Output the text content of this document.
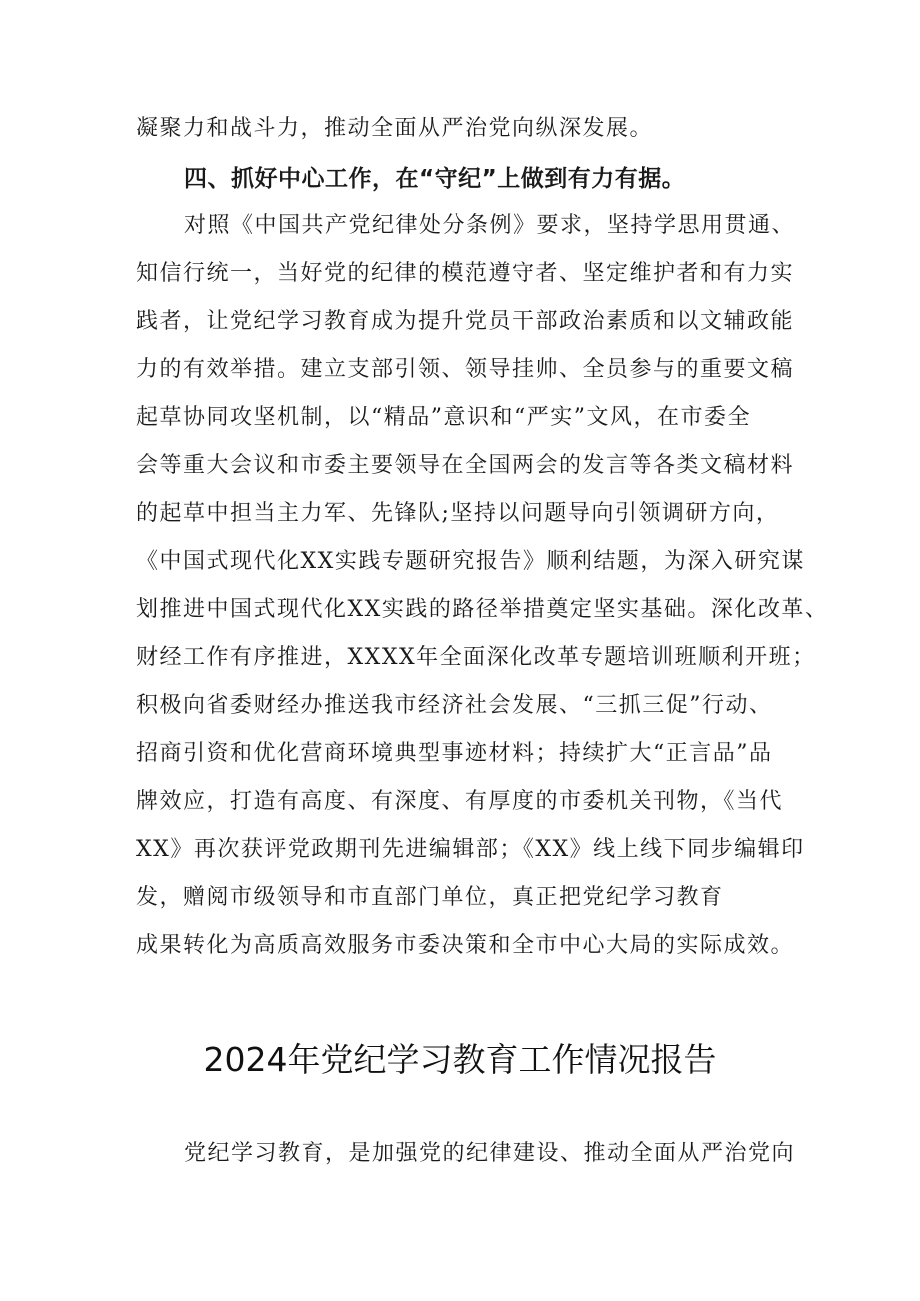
凝聚力和战斗力，推动全面从严治党向纵深发展。
四、抓好中心工作，在“守纪”上做到有力有据。
对照《中国共产党纪律处分条例》要求，坚持学思用贯通、
知信行统一，当好党的纪律的模范遵守者、坚定维护者和有力实
践者，让党纪学习教育成为提升党员干部政治素质和以文辅政能
力的有效举措。建立支部引领、领导挂帅、全员参与的重要文稿
起草协同攻坚机制，以“精品”意识和“严实”文风，在市委全
会等重大会议和市委主要领导在全国两会的发言等各类文稿材料
的起草中担当主力军、先锋队;坚持以问题导向引领调研方向，
《中国式现代化XX实践专题研究报告》顺利结题，为深入研究谋
划推进中国式现代化XX实践的路径举措奠定坚实基础。深化改革、
财经工作有序推进，XXXX年全面深化改革专题培训班顺利开班；
积极向省委财经办推送我市经济社会发展、“三抓三促”行动、
招商引资和优化营商环境典型事迹材料；持续扩大“正言品”品
牌效应，打造有高度、有深度、有厚度的市委机关刊物，《当代
XX》再次获评党政期刊先进编辑部；《XX》线上线下同步编辑印
发，赠阅市级领导和市直部门单位，真正把党纪学习教育
成果转化为高质高效服务市委决策和全市中心大局的实际成效。
2024年党纪学习教育工作情况报告
党纪学习教育，是加强党的纪律建设、推动全面从严治党向
